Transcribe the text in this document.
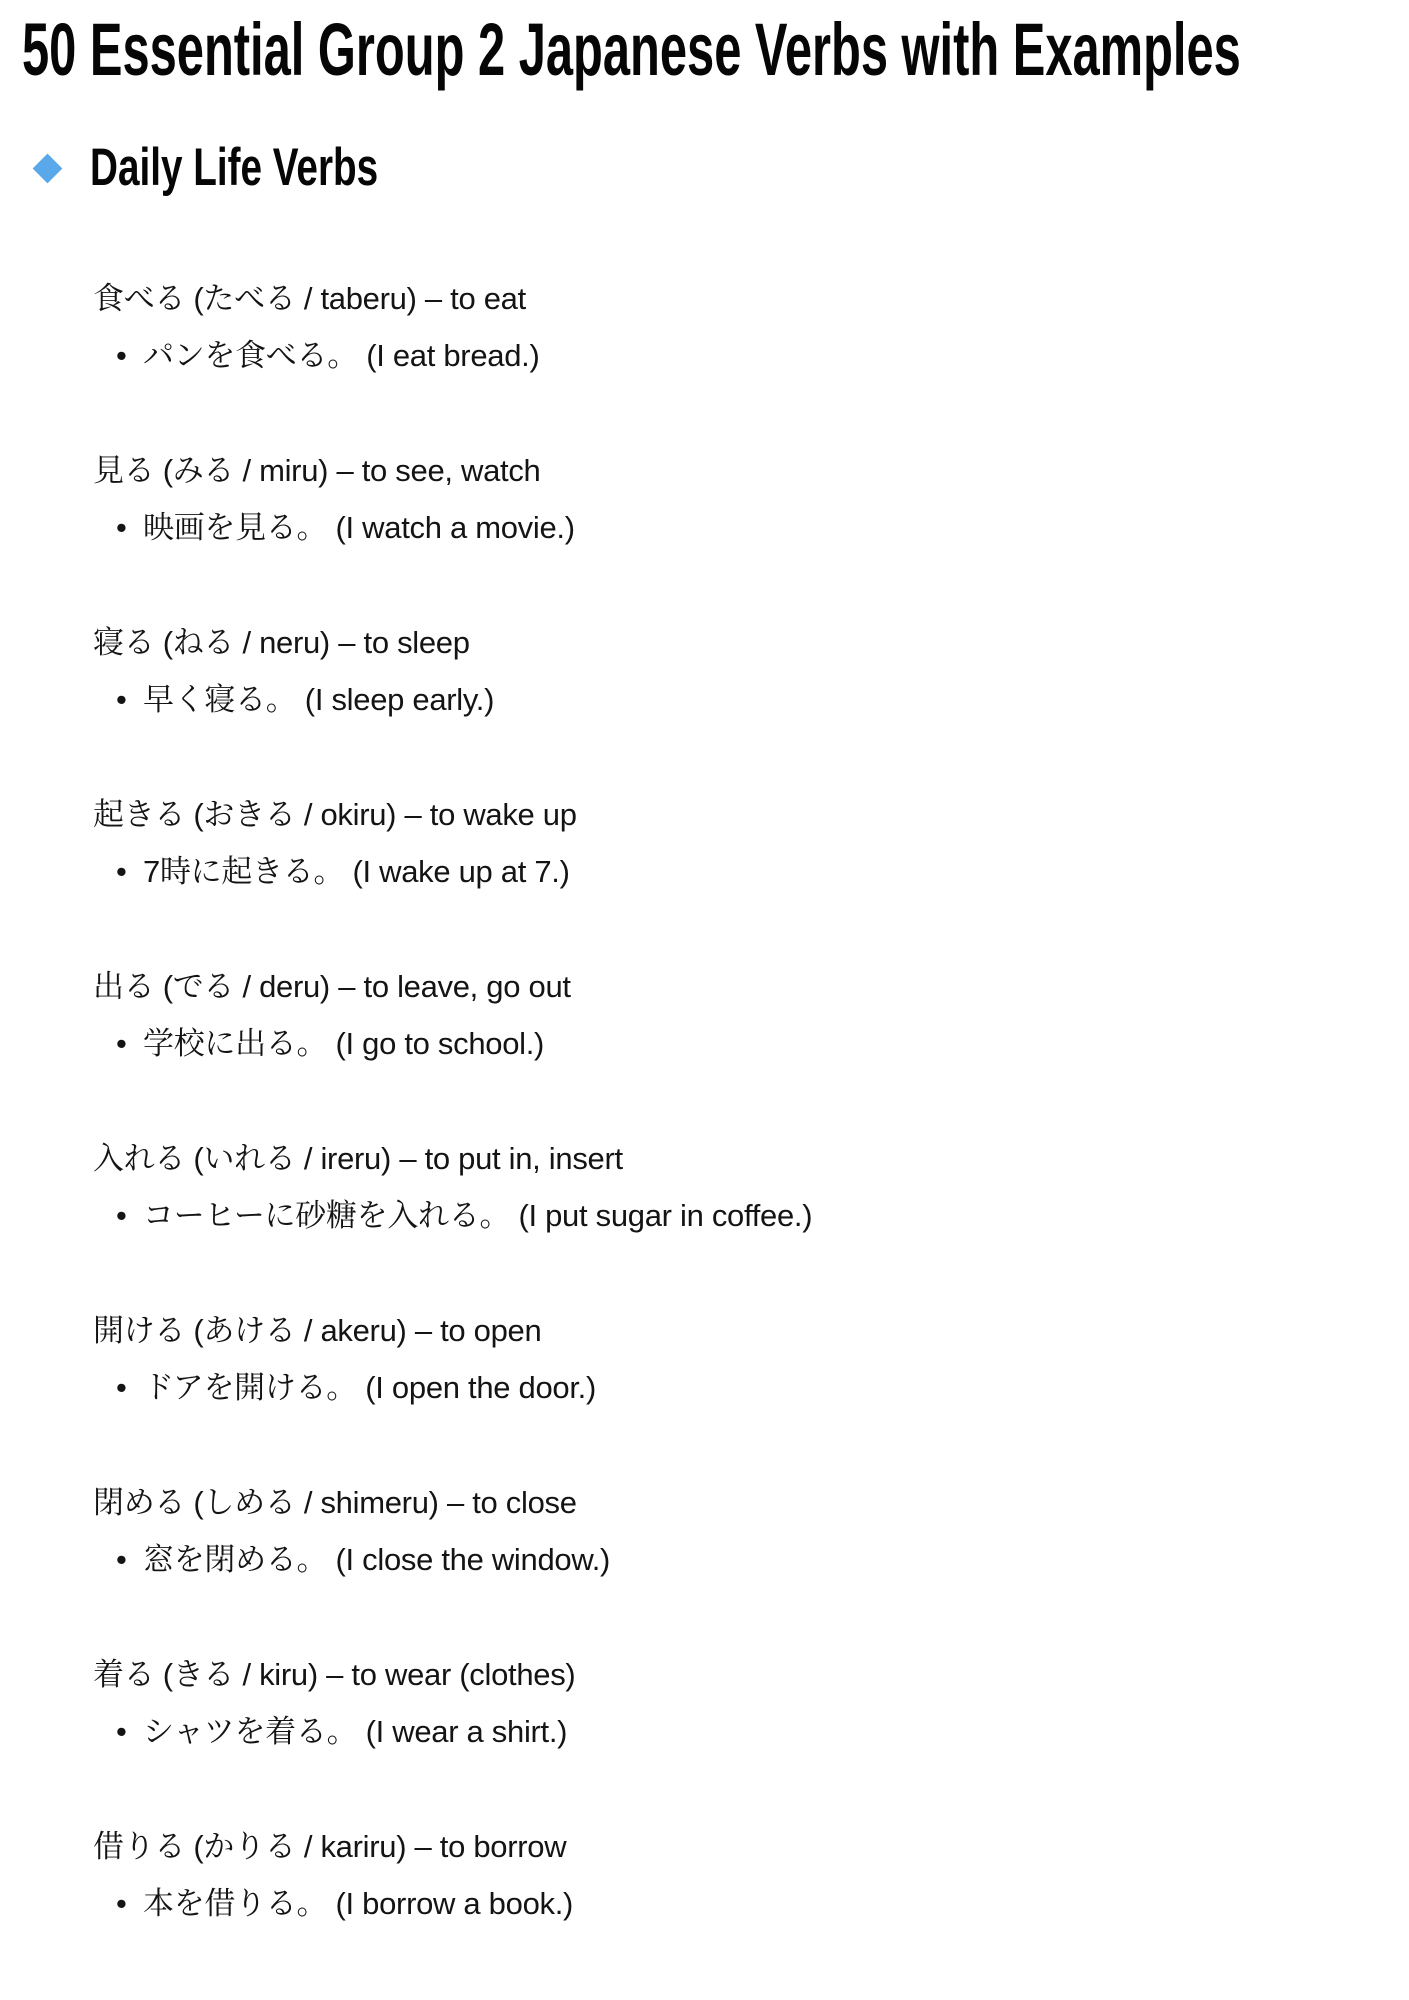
50 Essential Group 2 Japanese Verbs with Examples
Daily Life Verbs
食べる (たべる / taberu) – to eat
• パンを食べる。 (I eat bread.)
見る (みる / miru) – to see, watch
• 映画を見る。 (I watch a movie.)
寝る (ねる / neru) – to sleep
• 早く寝る。 (I sleep early.)
起きる (おきる / okiru) – to wake up
• 7時に起きる。 (I wake up at 7.)
出る (でる / deru) – to leave, go out
• 学校に出る。 (I go to school.)
入れる (いれる / ireru) – to put in, insert
• コーヒーに砂糖を入れる。 (I put sugar in coffee.)
開ける (あける / akeru) – to open
• ドアを開ける。 (I open the door.)
閉める (しめる / shimeru) – to close
• 窓を閉める。 (I close the window.)
着る (きる / kiru) – to wear (clothes)
• シャツを着る。 (I wear a shirt.)
借りる (かりる / kariru) – to borrow
• 本を借りる。 (I borrow a book.)
